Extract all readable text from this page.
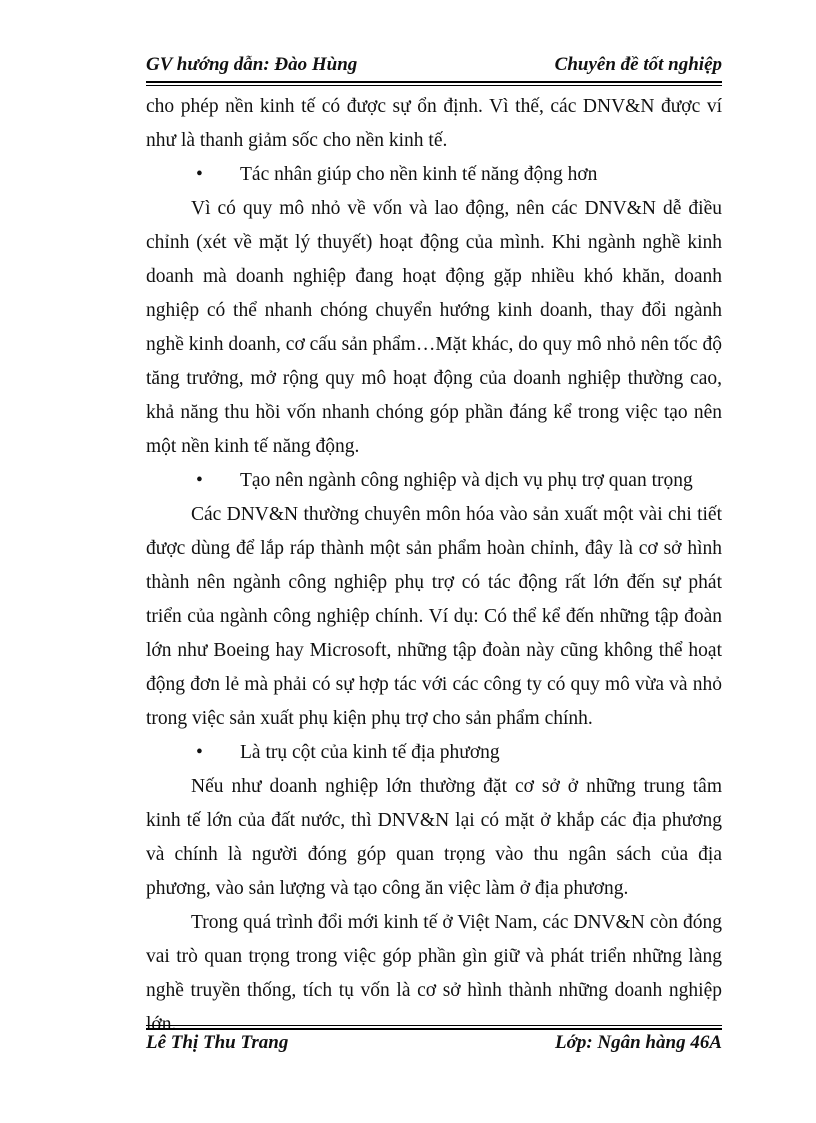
GV hướng dẫn: Đào Hùng	Chuyên đề tốt nghiệp

cho phép nền kinh tế có được sự ổn định. Vì thế, các DNV&N được ví như là thanh giảm sốc cho nền kinh tế.

• Tác nhân giúp cho nền kinh tế năng động hơn

Vì có quy mô nhỏ về vốn và lao động, nên các DNV&N dễ điều chỉnh (xét về mặt lý thuyết) hoạt động của mình. Khi ngành nghề kinh doanh mà doanh nghiệp đang hoạt động gặp nhiều khó khăn, doanh nghiệp có thể nhanh chóng chuyển hướng kinh doanh, thay đổi ngành nghề kinh doanh, cơ cấu sản phẩm…Mặt khác, do quy mô nhỏ nên tốc độ tăng trưởng, mở rộng quy mô hoạt động của doanh nghiệp thường cao, khả năng thu hồi vốn nhanh chóng góp phần đáng kể trong việc tạo nên một nền kinh tế năng động.

• Tạo nên ngành công nghiệp và dịch vụ phụ trợ quan trọng

Các DNV&N thường chuyên môn hóa vào sản xuất một vài chi tiết được dùng để lắp ráp thành một sản phẩm hoàn chỉnh, đây là cơ sở hình thành nên ngành công nghiệp phụ trợ có tác động rất lớn đến sự phát triển của ngành công nghiệp chính. Ví dụ: Có thể kể đến những tập đoàn lớn như Boeing hay Microsoft, những tập đoàn này cũng không thể hoạt động đơn lẻ mà phải có sự hợp tác với các công ty có quy mô vừa và nhỏ trong việc sản xuất phụ kiện phụ trợ cho sản phẩm chính.

• Là trụ cột của kinh tế địa phương

Nếu như doanh nghiệp lớn thường đặt cơ sở ở những trung tâm kinh tế lớn của đất nước, thì DNV&N lại có mặt ở khắp các địa phương và chính là người đóng góp quan trọng vào thu ngân sách của địa phương, vào sản lượng và tạo công ăn việc làm ở địa phương.

Trong quá trình đổi mới kinh tế ở Việt Nam, các DNV&N còn đóng vai trò quan trọng trong việc góp phần gìn giữ và phát triển những làng nghề truyền thống, tích tụ vốn là cơ sở hình thành những doanh nghiệp

Lê Thị Thu Trang	Lớp: Ngân hàng 46A
